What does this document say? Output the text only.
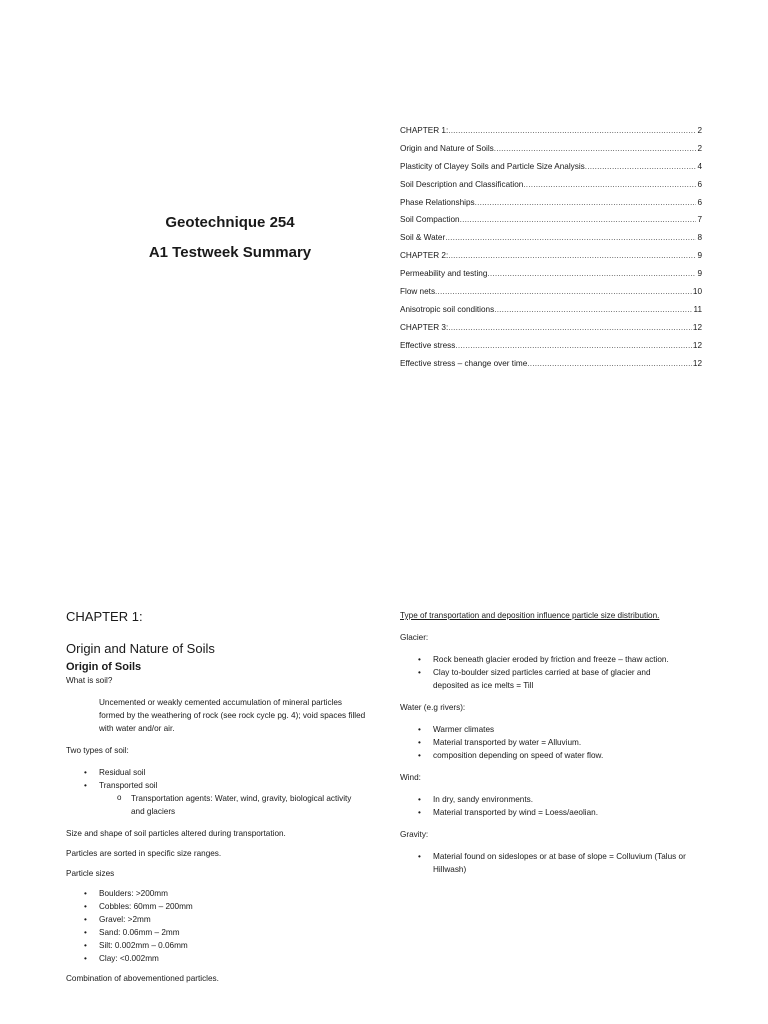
Geotechnique 254
A1 Testweek Summary
CHAPTER 1: .....	2
Origin and Nature of Soils .....	2
Plasticity of Clayey Soils and Particle Size Analysis .....	4
Soil Description and Classification .....	6
Phase Relationships .....	6
Soil Compaction .....	7
Soil & Water .....	8
CHAPTER 2: .....	9
Permeability and testing .....	9
Flow nets .....	10
Anisotropic soil conditions .....	11
CHAPTER 3: .....	12
Effective stress .....	12
Effective stress – change over time .....	12
CHAPTER 1:
Origin and Nature of Soils
Origin of Soils

What is soil?

Uncemented or weakly cemented accumulation of mineral particles formed by the weathering of rock (see rock cycle pg. 4); void spaces filled with water and/or air.

Two types of soil:

• Residual soil
• Transported soil
o Transportation agents: Water, wind, gravity, biological activity and glaciers

Size and shape of soil particles altered during transportation.

Particles are sorted in specific size ranges.

Particle sizes

• Boulders: >200mm
• Cobbles: 60mm – 200mm
• Gravel: >2mm
• Sand: 0.06mm – 2mm
• Silt: 0.002mm – 0.06mm
• Clay: <0.002mm

Combination of abovementioned particles.

Type of transportation and deposition influence particle size distribution.

Glacier:

• Rock beneath glacier eroded by friction and freeze – thaw action.
• Clay to-boulder sized particles carried at base of glacier and deposited as ice melts = Till

Water (e.g rivers):

• Warmer climates
• Material transported by water = Alluvium.
• composition depending on speed of water flow.

Wind:

• In dry, sandy environments.
• Material transported by wind = Loess/aeolian.

Gravity:

• Material found on sideslopes or at base of slope = Colluvium (Talus or Hillwash)
